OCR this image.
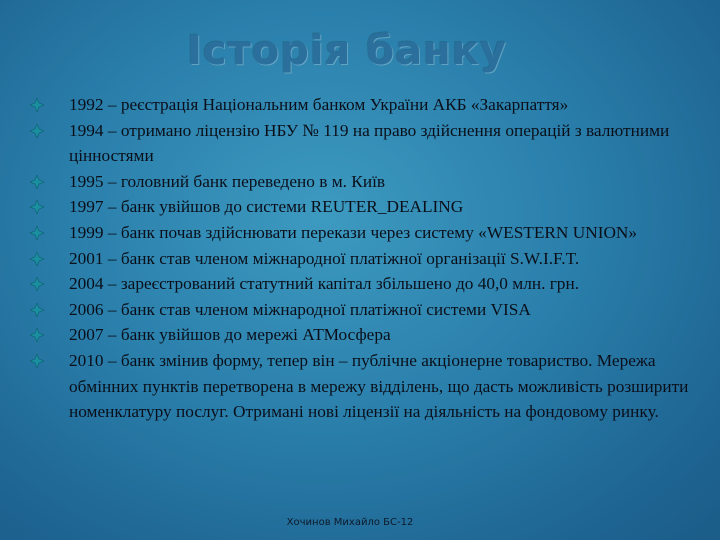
Історія банку
1992 – реєстрація Національним банком України АКБ «Закарпаття»
1994 – отримано ліцензію НБУ № 119 на право здійснення операцій з валютними цінностями
1995 – головний банк переведено в м. Київ
1997 – банк увійшов до системи REUTER_DEALING
1999 – банк почав здійснювати перекази через систему «WESTERN UNION»
2001 – банк став членом міжнародної платіжної організації S.W.I.F.T.
2004 – зареєстрований статутний капітал збільшено до 40,0 млн. грн.
2006 – банк став членом міжнародної платіжної системи VISA
2007 – банк увійшов до мережі АТМосфера
2010 – банк змінив форму, тепер він – публічне акціонерне товариство. Мережа обмінних пунктів перетворена в мережу відділень, що дасть можливість розширити номенклатуру послуг. Отримані нові ліцензії на діяльність на фондовому ринку.
Хочинов Михайло БС-12
